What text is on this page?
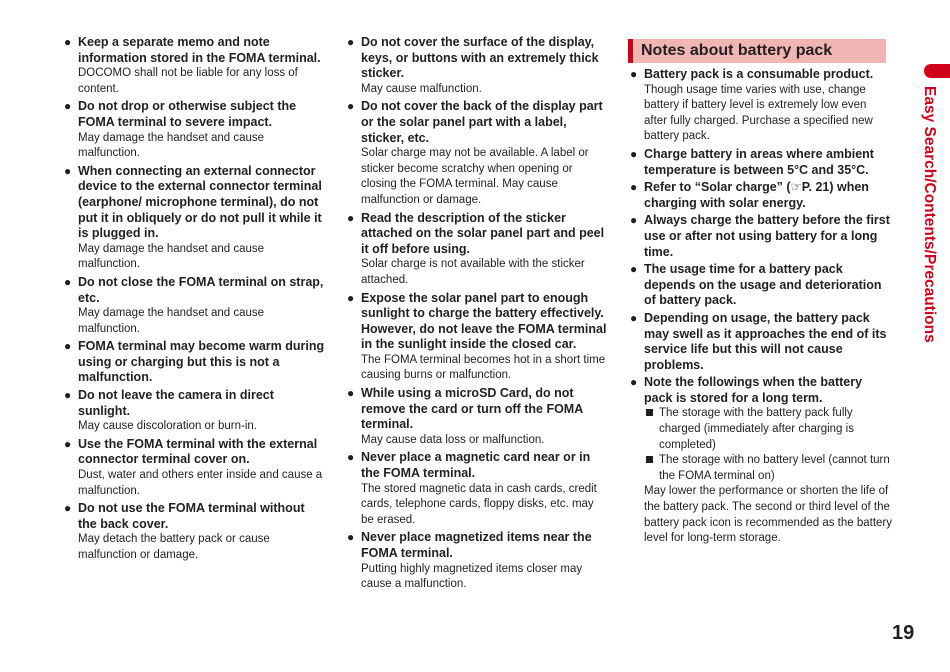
● Keep a separate memo and note information stored in the FOMA terminal.
DOCOMO shall not be liable for any loss of content.
● Do not drop or otherwise subject the FOMA terminal to severe impact.
May damage the handset and cause malfunction.
● When connecting an external connector device to the external connector terminal (earphone/ microphone terminal), do not put it in obliquely or do not pull it while it is plugged in.
May damage the handset and cause malfunction.
● Do not close the FOMA terminal on strap, etc.
May damage the handset and cause malfunction.
● FOMA terminal may become warm during using or charging but this is not a malfunction.
● Do not leave the camera in direct sunlight.
May cause discoloration or burn-in.
● Use the FOMA terminal with the external connector terminal cover on.
Dust, water and others enter inside and cause a malfunction.
● Do not use the FOMA terminal without the back cover.
May detach the battery pack or cause malfunction or damage.
● Do not cover the surface of the display, keys, or buttons with an extremely thick sticker.
May cause malfunction.
● Do not cover the back of the display part or the solar panel part with a label, sticker, etc.
Solar charge may not be available. A label or sticker become scratchy when opening or closing the FOMA terminal. May cause malfunction or damage.
● Read the description of the sticker attached on the solar panel part and peel it off before using.
Solar charge is not available with the sticker attached.
● Expose the solar panel part to enough sunlight to charge the battery effectively. However, do not leave the FOMA terminal in the sunlight inside the closed car.
The FOMA terminal becomes hot in a short time causing burns or malfunction.
● While using a microSD Card, do not remove the card or turn off the FOMA terminal.
May cause data loss or malfunction.
● Never place a magnetic card near or in the FOMA terminal.
The stored magnetic data in cash cards, credit cards, telephone cards, floppy disks, etc. may be erased.
● Never place magnetized items near the FOMA terminal.
Putting highly magnetized items closer may cause a malfunction.
Notes about battery pack
● Battery pack is a consumable product.
Though usage time varies with use, change battery if battery level is extremely low even after fully charged. Purchase a specified new battery pack.
● Charge battery in areas where ambient temperature is between 5°C and 35°C.
● Refer to “Solar charge” (☞P. 21) when charging with solar energy.
● Always charge the battery before the first use or after not using battery for a long time.
● The usage time for a battery pack depends on the usage and deterioration of battery pack.
● Depending on usage, the battery pack may swell as it approaches the end of its service life but this will not cause problems.
● Note the followings when the battery pack is stored for a long term.
The storage with the battery pack fully charged (immediately after charging is completed)
The storage with no battery level (cannot turn the FOMA terminal on)
May lower the performance or shorten the life of the battery pack. The second or third level of the battery pack icon is recommended as the battery level for long-term storage.
Easy Search/Contents/Precautions
19
